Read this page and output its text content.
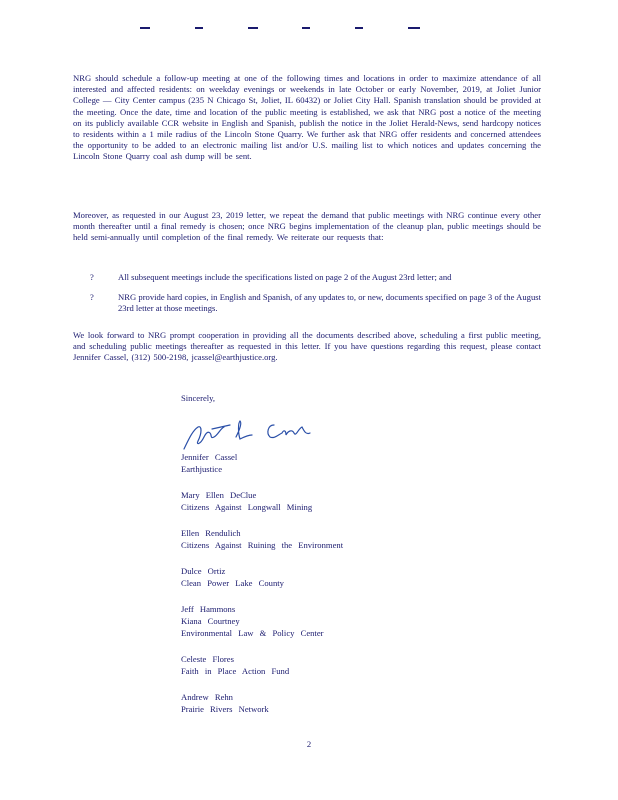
NRG should schedule a follow-up meeting at one of the following times and locations in order to maximize attendance of all interested and affected residents: on weekday evenings or weekends in late October or early November, 2019, at Joliet Junior College — City Center campus (235 N Chicago St, Joliet, IL 60432) or Joliet City Hall. Spanish translation should be provided at the meeting. Once the date, time and location of the public meeting is established, we ask that NRG post a notice of the meeting on its publicly available CCR website in English and Spanish, publish the notice in the Joliet Herald-News, send hardcopy notices to residents within a 1 mile radius of the Lincoln Stone Quarry. We further ask that NRG offer residents and concerned attendees the opportunity to be added to an electronic mailing list and/or U.S. mailing list to which notices and updates concerning the Lincoln Stone Quarry coal ash dump will be sent.
Moreover, as requested in our August 23, 2019 letter, we repeat the demand that public meetings with NRG continue every other month thereafter until a final remedy is chosen; once NRG begins implementation of the cleanup plan, public meetings should be held semi-annually until completion of the final remedy. We reiterate our requests that:
?	All subsequent meetings include the specifications listed on page 2 of the August 23rd letter; and
?	NRG provide hard copies, in English and Spanish, of any updates to, or new, documents specified on page 3 of the August 23rd letter at those meetings.
We look forward to NRG prompt cooperation in providing all the documents described above, scheduling a first public meeting, and scheduling public meetings thereafter as requested in this letter. If you have questions regarding this request, please contact Jennifer Cassel, (312) 500-2198, jcassel@earthjustice.org.
Sincerely,
Jennifer Cassel
Earthjustice
Mary Ellen DeClue
Citizens Against Longwall Mining
Ellen Rendulich
Citizens Against Ruining the Environment
Dulce Ortiz
Clean Power Lake County
Jeff Hammons
Kiana Courtney
Environmental Law & Policy Center
Celeste Flores
Faith in Place Action Fund
Andrew Rehn
Prairie Rivers Network
2
